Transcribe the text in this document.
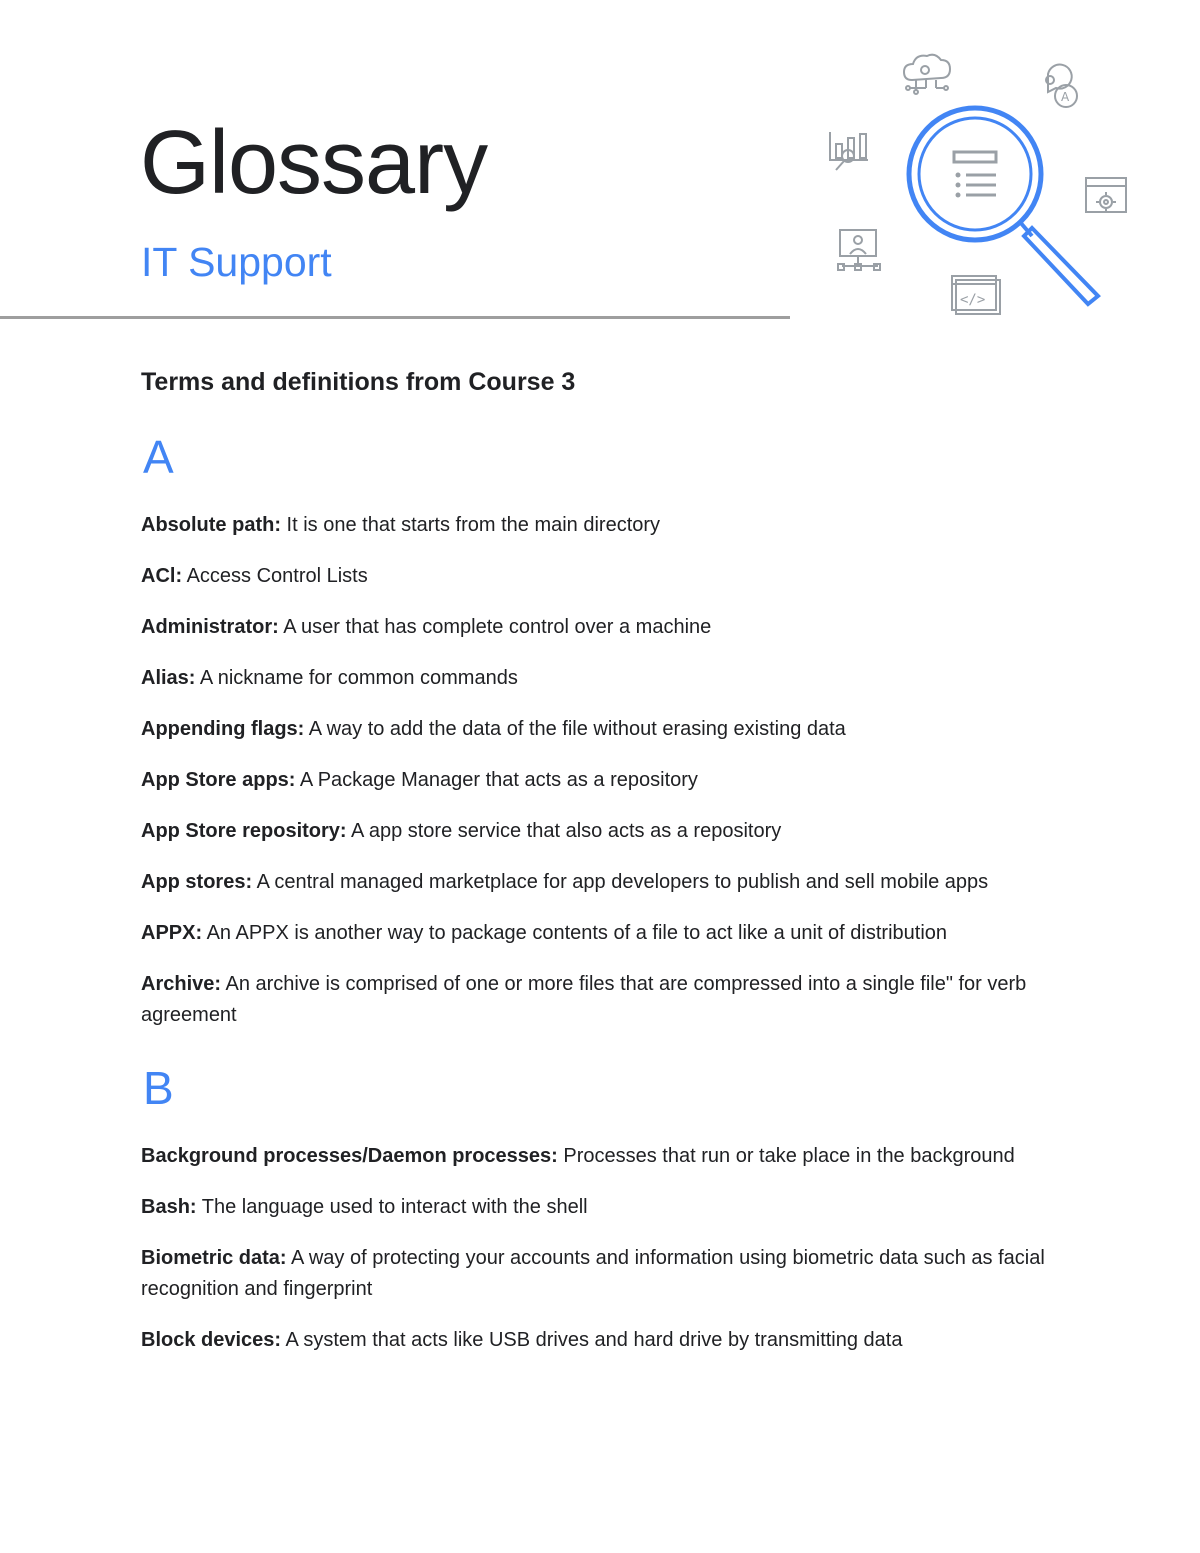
Glossary
IT Support
A
</>
Terms and definitions from Course 3
A

Absolute path: It is one that starts from the main directory

ACl: Access Control Lists

Administrator: A user that has complete control over a machine

Alias: A nickname for common commands

Appending flags: A way to add the data of the file without erasing existing data

App Store apps: A Package Manager that acts as a repository

App Store repository: A app store service that also acts as a repository

App stores: A central managed marketplace for app developers to publish and sell mobile apps

APPX: An APPX is another way to package contents of a file to act like a unit of distribution

Archive: An archive is comprised of one or more files that are compressed into a single file" for verb agreement

B

Background processes/Daemon processes: Processes that run or take place in the background

Bash: The language used to interact with the shell

Biometric data: A way of protecting your accounts and information using biometric data such as facial recognition and fingerprint

Block devices: A system that acts like USB drives and hard drive by transmitting data
